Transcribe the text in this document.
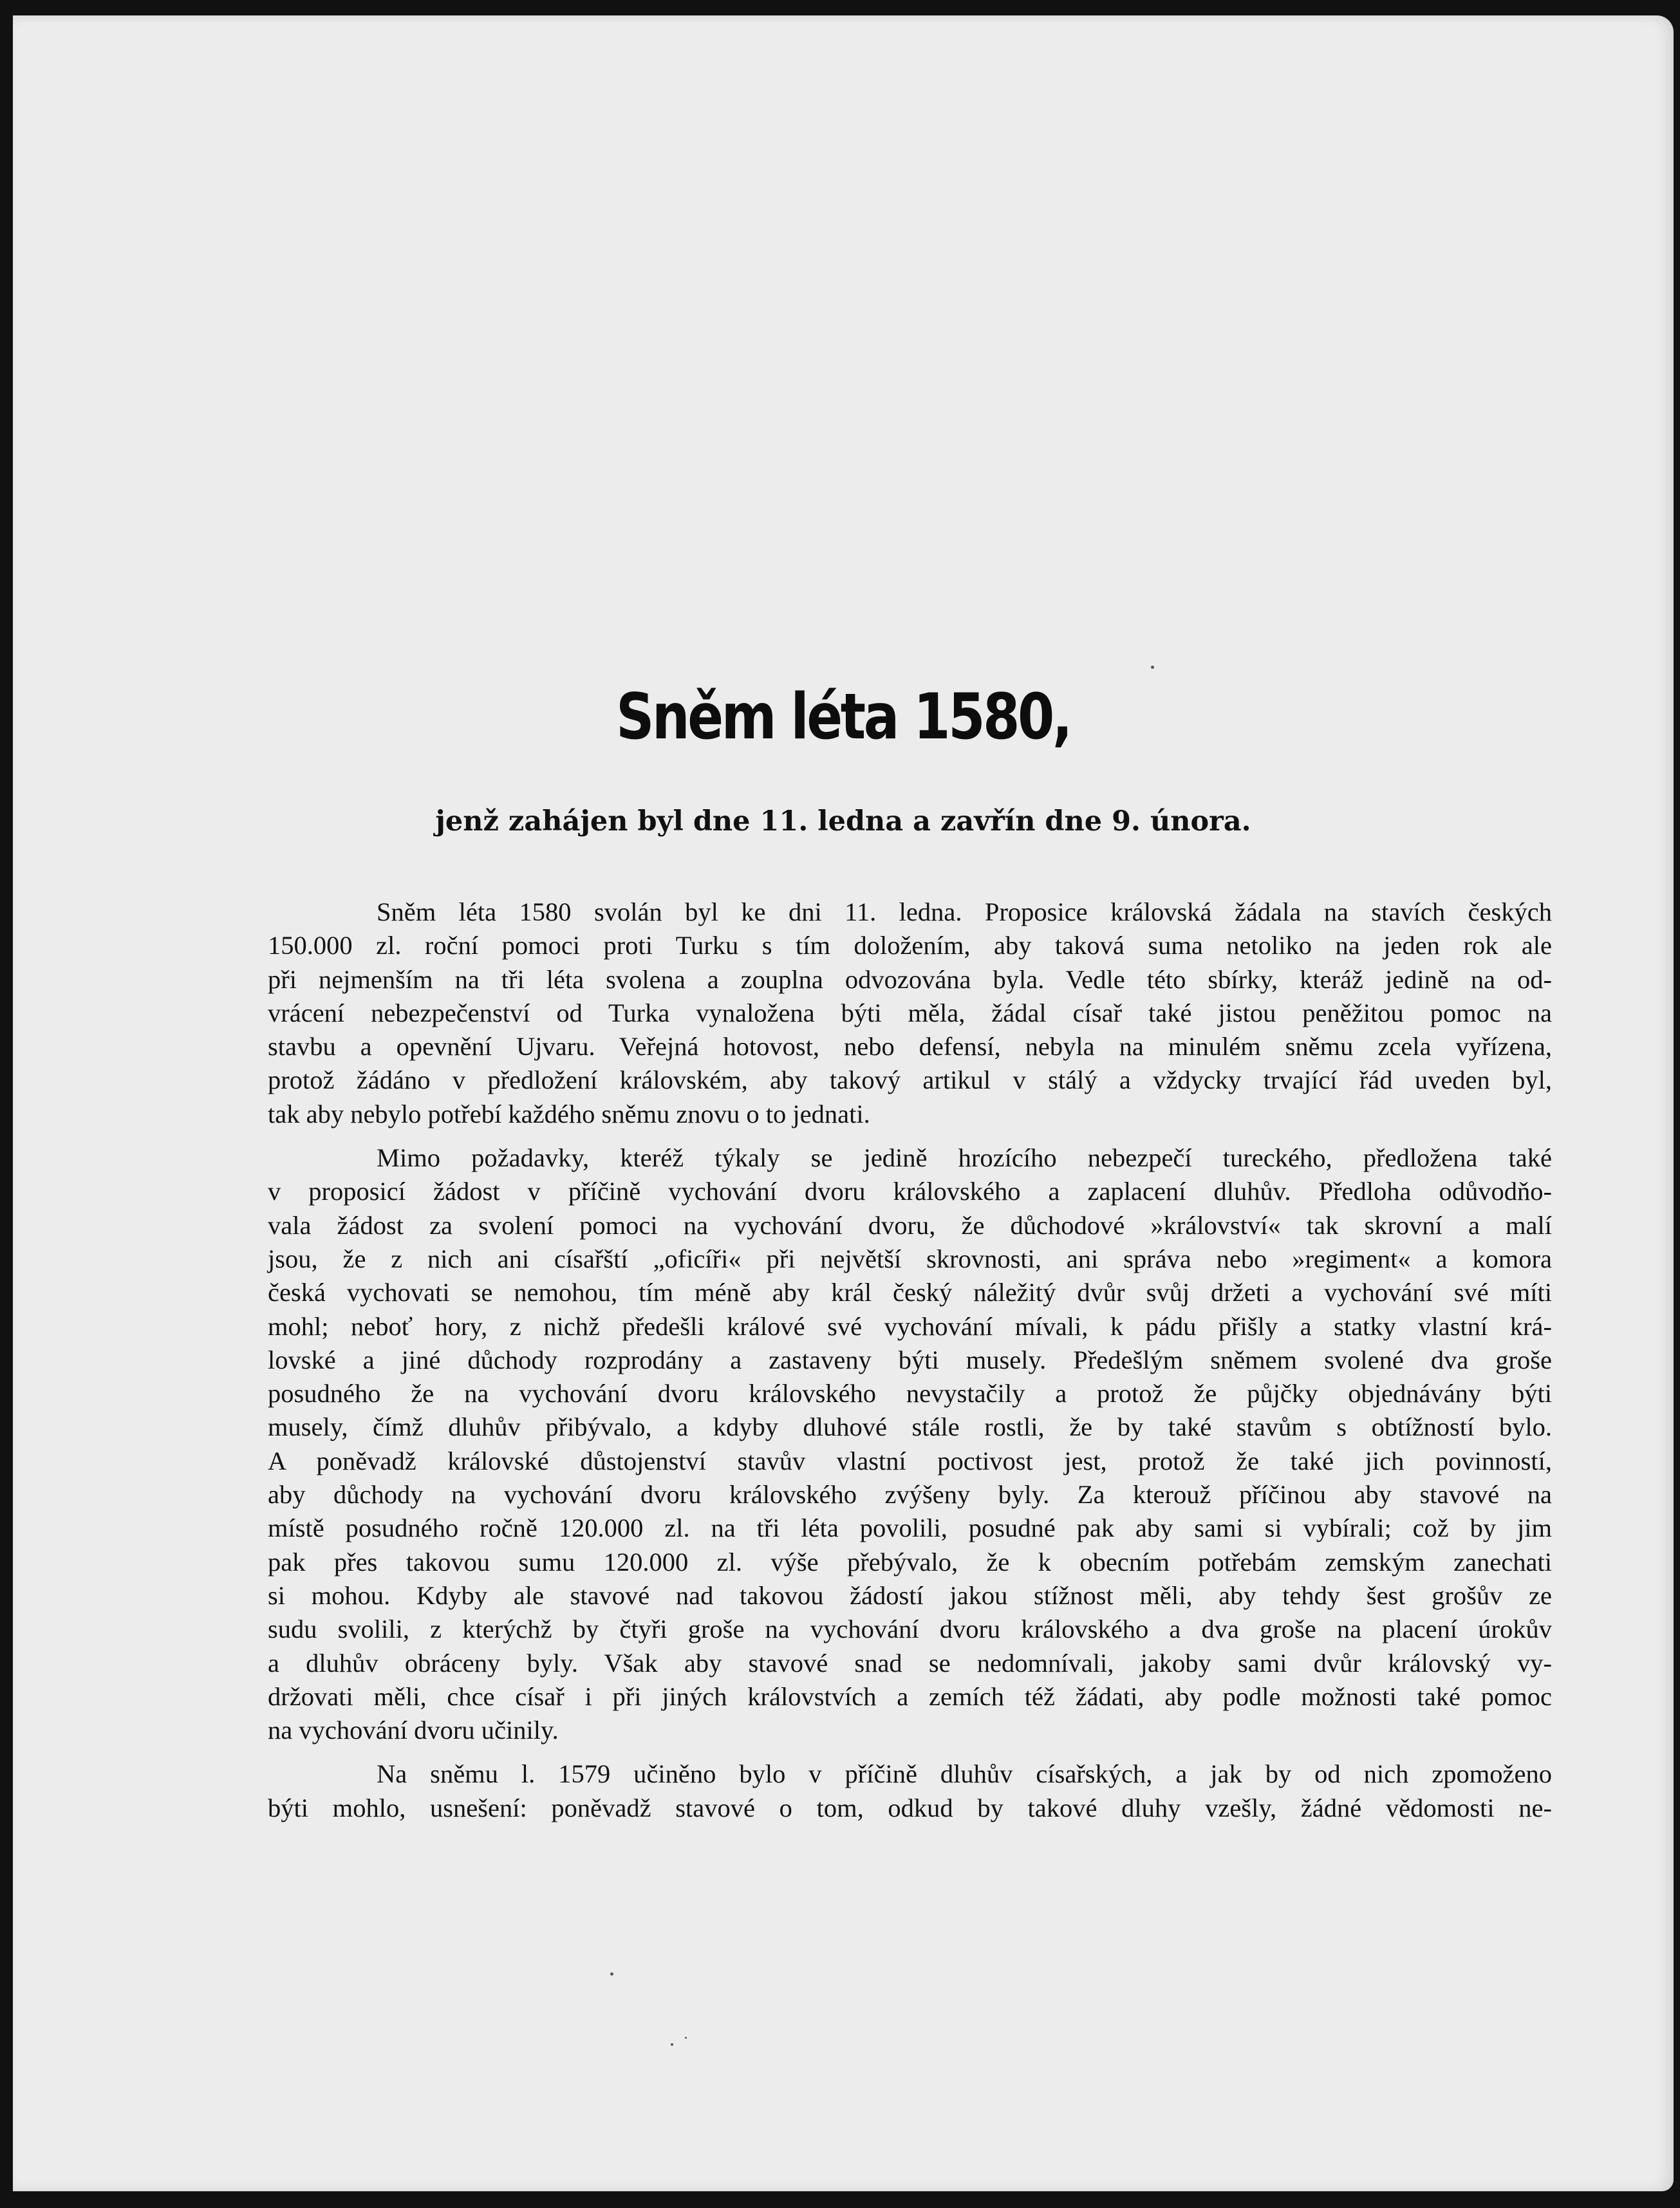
Sněm léta 1580,
jenž zahájen byl dne 11. ledna a zavřín dne 9. února.

Sněm léta 1580 svolán byl ke dni 11. ledna. Proposice královská žádala na stavích českých
150.000 zl. roční pomoci proti Turku s tím doložením, aby taková suma netoliko na jeden rok ale
při nejmenším na tři léta svolena a zouplna odvozována byla. Vedle této sbírky, kteráž jedině na od-
vrácení nebezpečenství od Turka vynaložena býti měla, žádal císař také jistou peněžitou pomoc na
stavbu a opevnění Ujvaru. Veřejná hotovost, nebo defensí, nebyla na minulém sněmu zcela vyřízena,
protož žádáno v předložení královském, aby takový artikul v stálý a vždycky trvající řád uveden byl,
tak aby nebylo potřebí každého sněmu znovu o to jednati.

Mimo požadavky, kteréž týkaly se jedině hrozícího nebezpečí tureckého, předložena také
v proposicí žádost v příčině vychování dvoru královského a zaplacení dluhův. Předloha odůvodňo-
vala žádost za svolení pomoci na vychování dvoru, že důchodové »království« tak skrovní a malí
jsou, že z nich ani císařští „oficíři« při největší skrovnosti, ani správa nebo »regiment« a komora
česká vychovati se nemohou, tím méně aby král český náležitý dvůr svůj držeti a vychování své míti
mohl; neboť hory, z nichž předešli králové své vychování mívali, k pádu přišly a statky vlastní krá-
lovské a jiné důchody rozprodány a zastaveny býti musely. Předešlým sněmem svolené dva groše
posudného že na vychování dvoru královského nevystačily a protož že půjčky objednávány býti
musely, čímž dluhův přibývalo, a kdyby dluhové stále rostli, že by také stavům s obtížností bylo.
A poněvadž královské důstojenství stavův vlastní poctivost jest, protož že také jich povinností,
aby důchody na vychování dvoru královského zvýšeny byly. Za kterouž příčinou aby stavové na
místě posudného ročně 120.000 zl. na tři léta povolili, posudné pak aby sami si vybírali; což by jim
pak přes takovou sumu 120.000 zl. výše přebývalo, že k obecním potřebám zemským zanechati
si mohou. Kdyby ale stavové nad takovou žádostí jakou stížnost měli, aby tehdy šest grošův ze
sudu svolili, z kterýchž by čtyři groše na vychování dvoru královského a dva groše na placení úrokův
a dluhův obráceny byly. Však aby stavové snad se nedomnívali, jakoby sami dvůr královský vy-
držovati měli, chce císař i při jiných královstvích a zemích též žádati, aby podle možnosti také pomoc
na vychování dvoru učinily.

Na sněmu l. 1579 učiněno bylo v příčině dluhův císařských, a jak by od nich zpomoženo
býti mohlo, usnešení: poněvadž stavové o tom, odkud by takové dluhy vzešly, žádné vědomosti ne-
